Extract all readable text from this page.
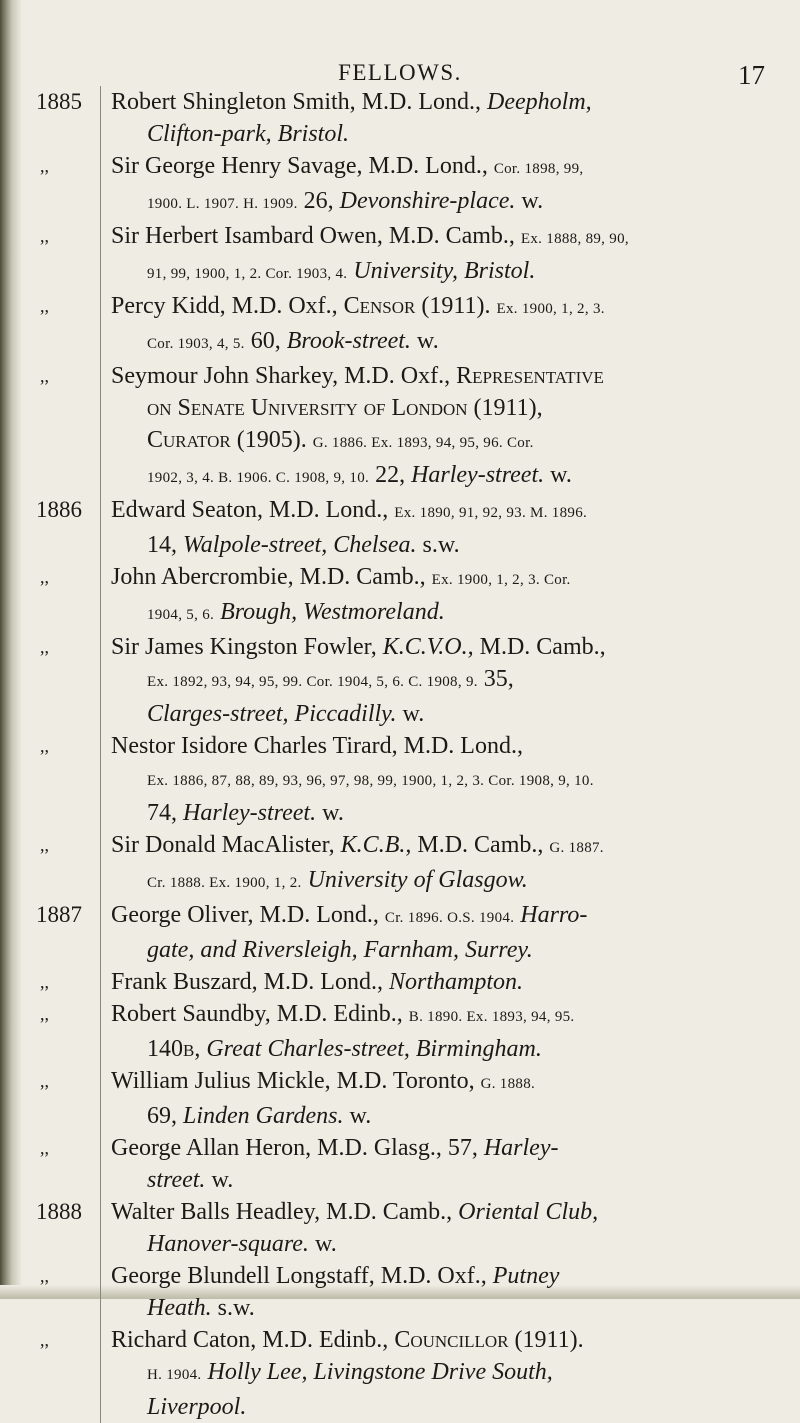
FELLOWS.	17
1885	Robert Shingleton Smith, M.D. Lond., Deepholm,
Clifton-park, Bristol.
,,	Sir George Henry Savage, M.D. Lond., Cor. 1898, 99,
1900. L. 1907. H. 1909. 26, Devonshire-place. w.
,,	Sir Herbert Isambard Owen, M.D. Camb., Ex. 1888, 89, 90,
91, 99, 1900, 1, 2. Cor. 1903, 4. University, Bristol.
,,	Percy Kidd, M.D. Oxf., Censor (1911). Ex. 1900, 1, 2, 3.
Cor. 1903, 4, 5. 60, Brook-street. w.
,,	Seymour John Sharkey, M.D. Oxf., Representative
on Senate University of London (1911),
Curator (1905). G. 1886. Ex. 1893, 94, 95, 96. Cor.
1902, 3, 4. B. 1906. C. 1908, 9, 10. 22, Harley-street. w.
1886	Edward Seaton, M.D. Lond., Ex. 1890, 91, 92, 93. M. 1896.
14, Walpole-street, Chelsea. s.w.
,,	John Abercrombie, M.D. Camb., Ex. 1900, 1, 2, 3. Cor.
1904, 5, 6. Brough, Westmoreland.
,,	Sir James Kingston Fowler, K.C.V.O., M.D. Camb.,
Ex. 1892, 93, 94, 95, 99. Cor. 1904, 5, 6. C. 1908, 9. 35,
Clarges-street, Piccadilly. w.
,,	Nestor Isidore Charles Tirard, M.D. Lond.,
Ex. 1886, 87, 88, 89, 93, 96, 97, 98, 99, 1900, 1, 2, 3. Cor. 1908, 9, 10.
74, Harley-street. w.
,,	Sir Donald MacAlister, K.C.B., M.D. Camb., G. 1887.
Cr. 1888. Ex. 1900, 1, 2. University of Glasgow.
1887	George Oliver, M.D. Lond., Cr. 1896. O.S. 1904. Harro-
gate, and Riversleigh, Farnham, Surrey.
,,	Frank Buszard, M.D. Lond., Northampton.
,,	Robert Saundby, M.D. Edinb., B. 1890. Ex. 1893, 94, 95.
140b, Great Charles-street, Birmingham.
,,	William Julius Mickle, M.D. Toronto, G. 1888.
69, Linden Gardens. w.
,,	George Allan Heron, M.D. Glasg., 57, Harley-
street. w.
1888	Walter Balls Headley, M.D. Camb., Oriental Club,
Hanover-square. w.
,,	George Blundell Longstaff, M.D. Oxf., Putney
Heath. s.w.
,,	Richard Caton, M.D. Edinb., Councillor (1911).
H. 1904. Holly Lee, Livingstone Drive South,
Liverpool.
